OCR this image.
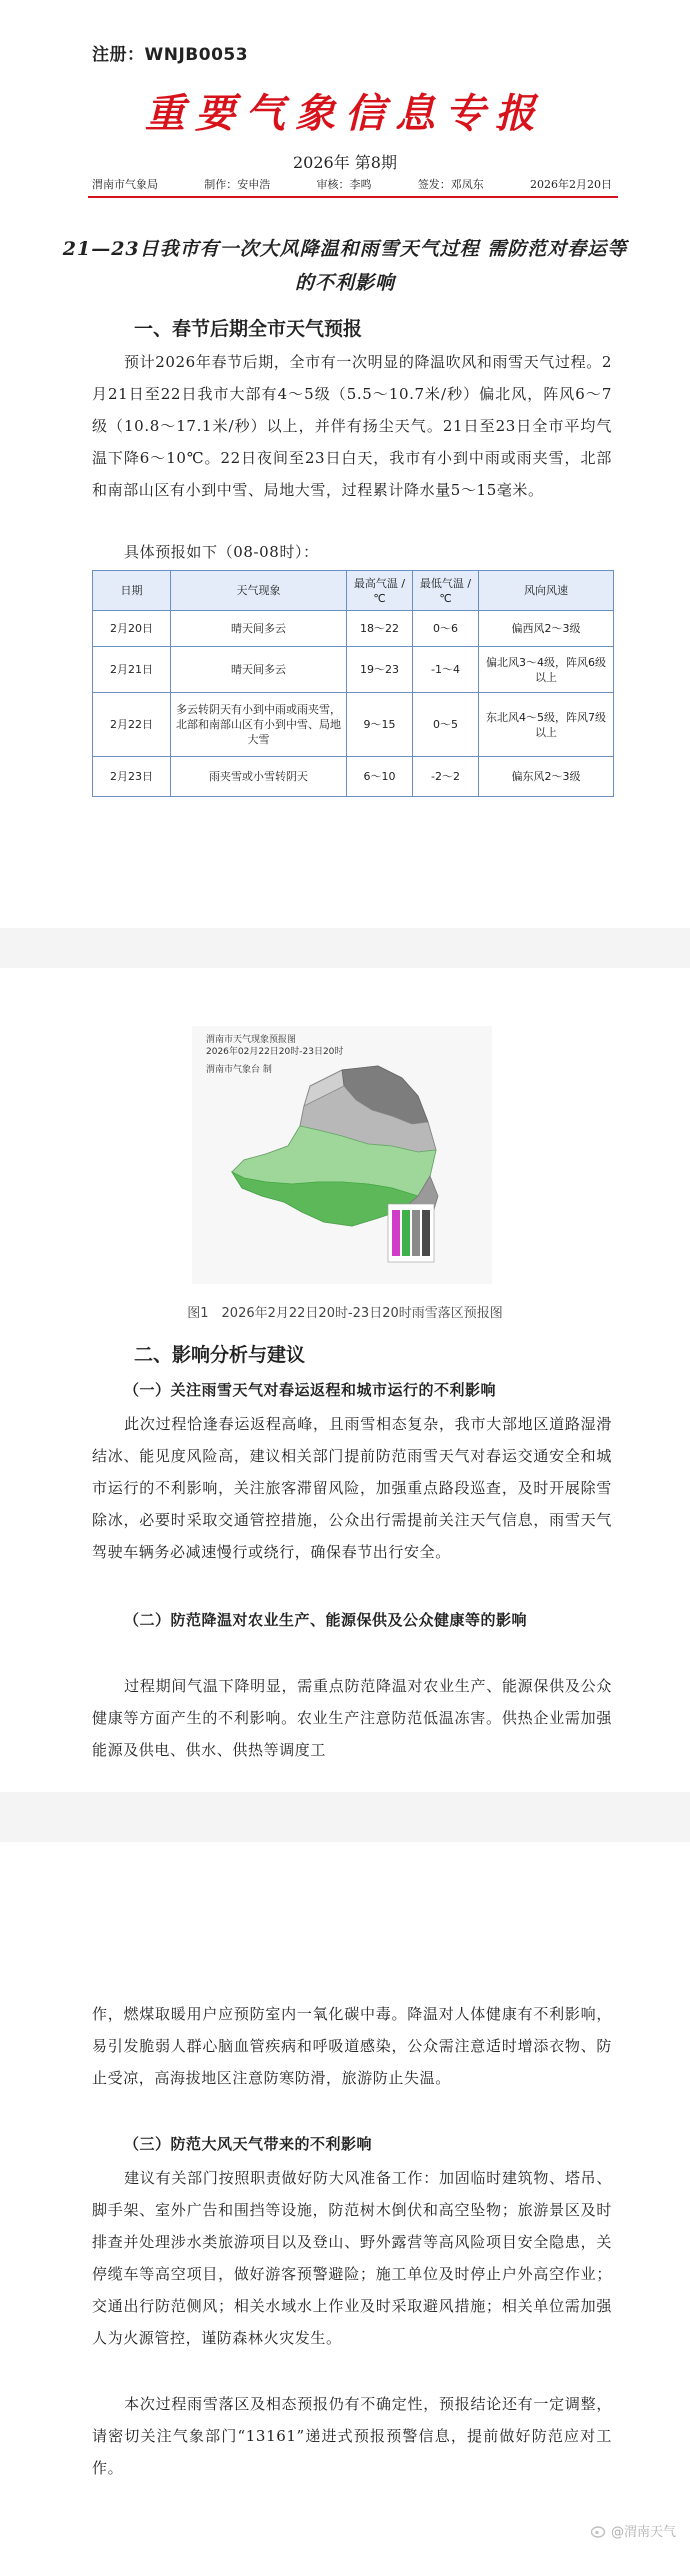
注册：WNJB0053
重要气象信息专报
2026年 第8期
渭南市气象局	制作：安申浩	审核：李鸣	签发：邓凤东	2026年2月20日
21—23日我市有一次大风降温和雨雪天气过程 需防范对春运等的不利影响
一、春节后期全市天气预报
预计2026年春节后期，全市有一次明显的降温吹风和雨雪天气过程。2月21日至22日我市大部有4～5级（5.5～10.7米/秒）偏北风，阵风6～7级（10.8～17.1米/秒）以上，并伴有扬尘天气。21日至23日全市平均气温下降6～10℃。22日夜间至23日白天，我市有小到中雨或雨夹雪，北部和南部山区有小到中雪、局地大雪，过程累计降水量5～15毫米。
具体预报如下（08-08时）：
日期	天气现象	最高气温 /℃	最低气温 /℃	风向风速
2月20日	晴天间多云	18～22	0～6	偏西风2～3级
2月21日	晴天间多云	19～23	-1～4	偏北风3～4级，阵风6级以上
2月22日	多云转阴天有小到中雨或雨夹雪，北部和南部山区有小到中雪、局地大雪	9～15	0～5	东北风4～5级，阵风7级以上
2月23日	雨夹雪或小雪转阴天	6～10	-2～2	偏东风2～3级
渭南市天气现象预报图
2026年02月22日20时-23日20时
渭南市气象台 制
图1　2026年2月22日20时-23日20时雨雪落区预报图
二、影响分析与建议
（一）关注雨雪天气对春运返程和城市运行的不利影响
此次过程恰逢春运返程高峰，且雨雪相态复杂，我市大部地区道路湿滑结冰、能见度风险高，建议相关部门提前防范雨雪天气对春运交通安全和城市运行的不利影响，关注旅客滞留风险，加强重点路段巡查，及时开展除雪除冰，必要时采取交通管控措施，公众出行需提前关注天气信息，雨雪天气驾驶车辆务必减速慢行或绕行，确保春节出行安全。
（二）防范降温对农业生产、能源保供及公众健康等的影响
过程期间气温下降明显，需重点防范降温对农业生产、能源保供及公众健康等方面产生的不利影响。农业生产注意防范低温冻害。供热企业需加强能源及供电、供水、供热等调度工
作，燃煤取暖用户应预防室内一氧化碳中毒。降温对人体健康有不利影响，易引发脆弱人群心脑血管疾病和呼吸道感染，公众需注意适时增添衣物、防止受凉，高海拔地区注意防寒防滑，旅游防止失温。
（三）防范大风天气带来的不利影响
建议有关部门按照职责做好防大风准备工作：加固临时建筑物、塔吊、脚手架、室外广告和围挡等设施，防范树木倒伏和高空坠物；旅游景区及时排查并处理涉水类旅游项目以及登山、野外露营等高风险项目安全隐患，关停缆车等高空项目，做好游客预警避险；施工单位及时停止户外高空作业；交通出行防范侧风；相关水域水上作业及时采取避风措施；相关单位需加强人为火源管控，谨防森林火灾发生。
本次过程雨雪落区及相态预报仍有不确定性，预报结论还有一定调整，请密切关注气象部门“13161”递进式预报预警信息，提前做好防范应对工作。
@渭南天气
